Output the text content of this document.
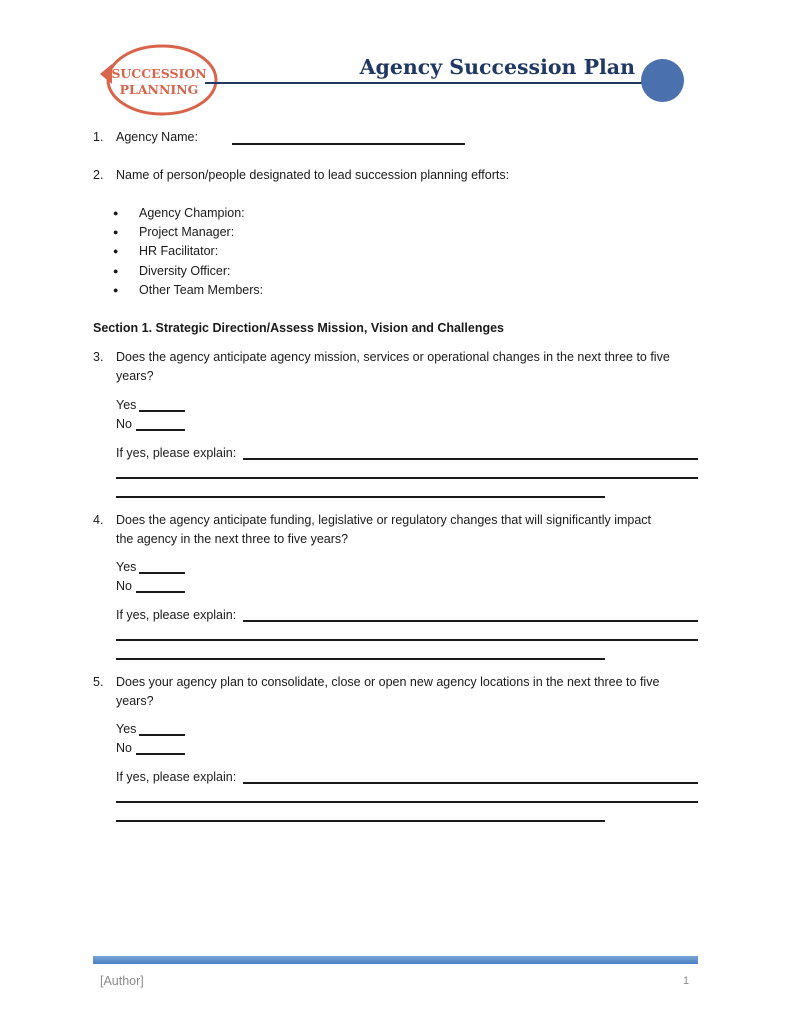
SUCCESSION
PLANNING
Agency Succession Plan
1.	Agency Name:
2.	Name of person/people designated to lead succession planning efforts:
● Agency Champion:
● Project Manager:
● HR Facilitator:
● Diversity Officer:
● Other Team Members:
Section 1. Strategic Direction/Assess Mission, Vision and Challenges
3.	Does the agency anticipate agency mission, services or operational changes in the next three to five
years?
Yes
No
If yes, please explain:
4.	Does the agency anticipate funding, legislative or regulatory changes that will significantly impact
the agency in the next three to five years?
Yes
No
If yes, please explain:
5.	Does your agency plan to consolidate, close or open new agency locations in the next three to five
years?
Yes
No
If yes, please explain:
[Author]	1
